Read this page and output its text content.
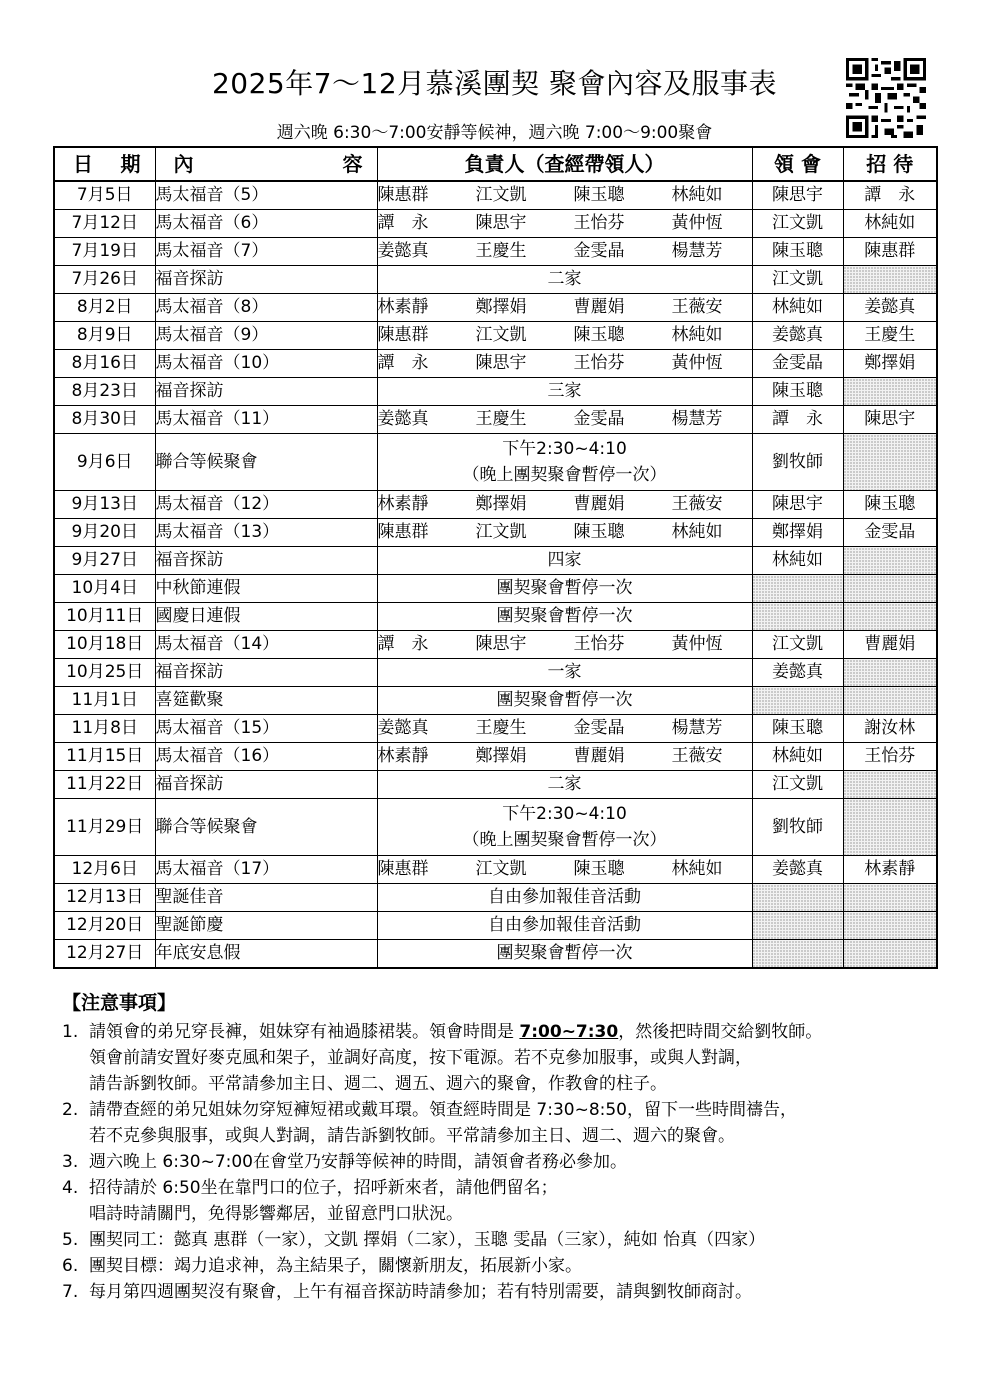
2025年7～12月慕溪團契 聚會內容及服事表
週六晚 6:30～7:00安靜等候神，週六晚 7:00～9:00聚會
日 期	內 容	負責人（查經帶領人）	領 會	招 待
7月5日	馬太福音（5）	陳惠群 江文凱 陳玉聰 林純如	陳思宇	譚　永
7月12日	馬太福音（6）	譚　永 陳思宇 王怡芬 黃仲恆	江文凱	林純如
7月19日	馬太福音（7）	姜懿真 王慶生 金雯晶 楊慧芳	陳玉聰	陳惠群
7月26日	福音探訪	二家	江文凱	
8月2日	馬太福音（8）	林素靜 鄭擇娟 曹麗娟 王薇安	林純如	姜懿真
8月9日	馬太福音（9）	陳惠群 江文凱 陳玉聰 林純如	姜懿真	王慶生
8月16日	馬太福音（10）	譚　永 陳思宇 王怡芬 黃仲恆	金雯晶	鄭擇娟
8月23日	福音探訪	三家	陳玉聰	
8月30日	馬太福音（11）	姜懿真 王慶生 金雯晶 楊慧芳	譚　永	陳思宇
9月6日	聯合等候聚會	下午2:30~4:10
（晚上團契聚會暫停一次）	劉牧師	
9月13日	馬太福音（12）	林素靜 鄭擇娟 曹麗娟 王薇安	陳思宇	陳玉聰
9月20日	馬太福音（13）	陳惠群 江文凱 陳玉聰 林純如	鄭擇娟	金雯晶
9月27日	福音探訪	四家	林純如	
10月4日	中秋節連假	團契聚會暫停一次		

10月11日	國慶日連假	團契聚會暫停一次		

10月18日	馬太福音（14）	譚　永 陳思宇 王怡芬 黃仲恆	江文凱	曹麗娟
10月25日	福音探訪	一家	姜懿真	
11月1日	喜筵歡聚	團契聚會暫停一次		

11月8日	馬太福音（15）	姜懿真 王慶生 金雯晶 楊慧芳	陳玉聰	謝汝林
11月15日	馬太福音（16）	林素靜 鄭擇娟 曹麗娟 王薇安	林純如	王怡芬
11月22日	福音探訪	二家	江文凱	
11月29日	聯合等候聚會	下午2:30~4:10
（晚上團契聚會暫停一次）	劉牧師	
12月6日	馬太福音（17）	陳惠群 江文凱 陳玉聰 林純如	姜懿真	林素靜
12月13日	聖誕佳音	自由參加報佳音活動		

12月20日	聖誕節慶	自由參加報佳音活動		

12月27日	年底安息假	團契聚會暫停一次		

【注意事項】
1. 請領會的弟兄穿長褲，姐妹穿有袖過膝裙裝。領會時間是 7:00~7:30，然後把時間交給劉牧師。

領會前請安置好麥克風和架子，並調好高度，按下電源。若不克參加服事，或與人對調，

請告訴劉牧師。平常請參加主日、週二、週五、週六的聚會，作教會的柱子。

2. 請帶查經的弟兄姐妹勿穿短褲短裙或戴耳環。領查經時間是 7:30~8:50，留下一些時間禱告，

若不克參與服事，或與人對調，請告訴劉牧師。平常請參加主日、週二、週六的聚會。

3. 週六晚上 6:30~7:00在會堂乃安靜等候神的時間，請領會者務必參加。

4. 招待請於 6:50坐在靠門口的位子，招呼新來者，請他們留名；

唱詩時請關門，免得影響鄰居，並留意門口狀況。

5. 團契同工：懿真 惠群（一家），文凱 擇娟（二家），玉聰 雯晶（三家），純如 怡真（四家）

6. 團契目標：竭力追求神，為主結果子，關懷新朋友，拓展新小家。

7. 每月第四週團契沒有聚會，上午有福音探訪時請參加；若有特別需要，請與劉牧師商討。
